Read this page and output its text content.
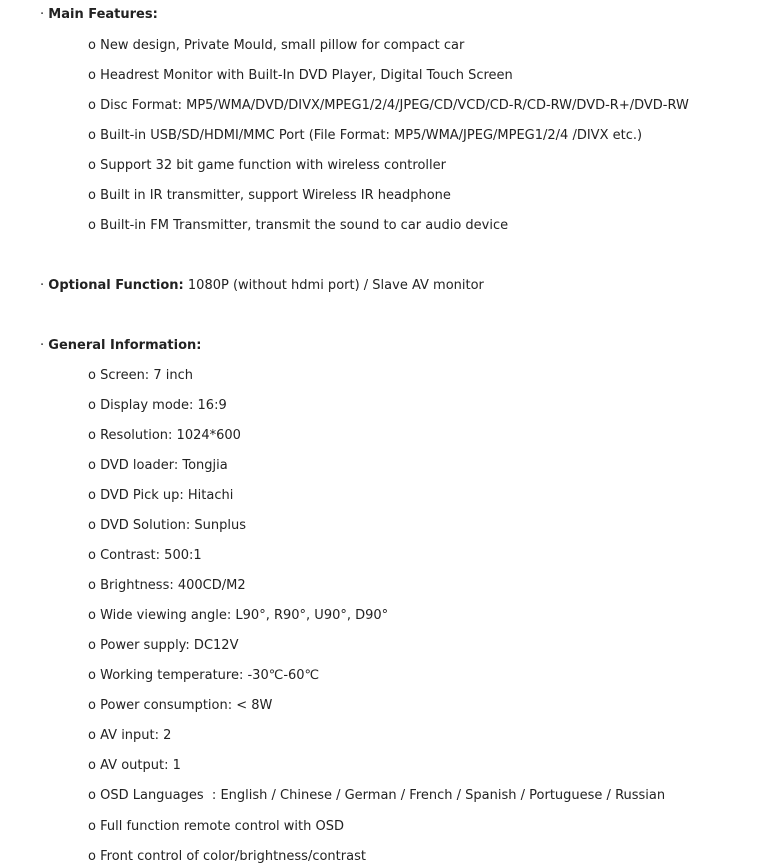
· Main Features:
o New design, Private Mould, small pillow for compact car
o Headrest Monitor with Built-In DVD Player, Digital Touch Screen
o Disc Format: MP5/WMA/DVD/DIVX/MPEG1/2/4/JPEG/CD/VCD/CD-R/CD-RW/DVD-R+/DVD-RW
o Built-in USB/SD/HDMI/MMC Port (File Format: MP5/WMA/JPEG/MPEG1/2/4 /DIVX etc.)
o Support 32 bit game function with wireless controller
o Built in IR transmitter, support Wireless IR headphone
o Built-in FM Transmitter, transmit the sound to car audio device
· Optional Function: 1080P (without hdmi port) / Slave AV monitor
· General Information:
o Screen: 7 inch
o Display mode: 16:9
o Resolution: 1024*600
o DVD loader: Tongjia
o DVD Pick up: Hitachi
o DVD Solution: Sunplus
o Contrast: 500:1
o Brightness: 400CD/M2
o Wide viewing angle: L90°, R90°, U90°, D90°
o Power supply: DC12V
o Working temperature: -30℃-60℃
o Power consumption: < 8W
o AV input: 2
o AV output: 1
o OSD Languages  : English / Chinese / German / French / Spanish / Portuguese / Russian
o Full function remote control with OSD
o Front control of color/brightness/contrast
